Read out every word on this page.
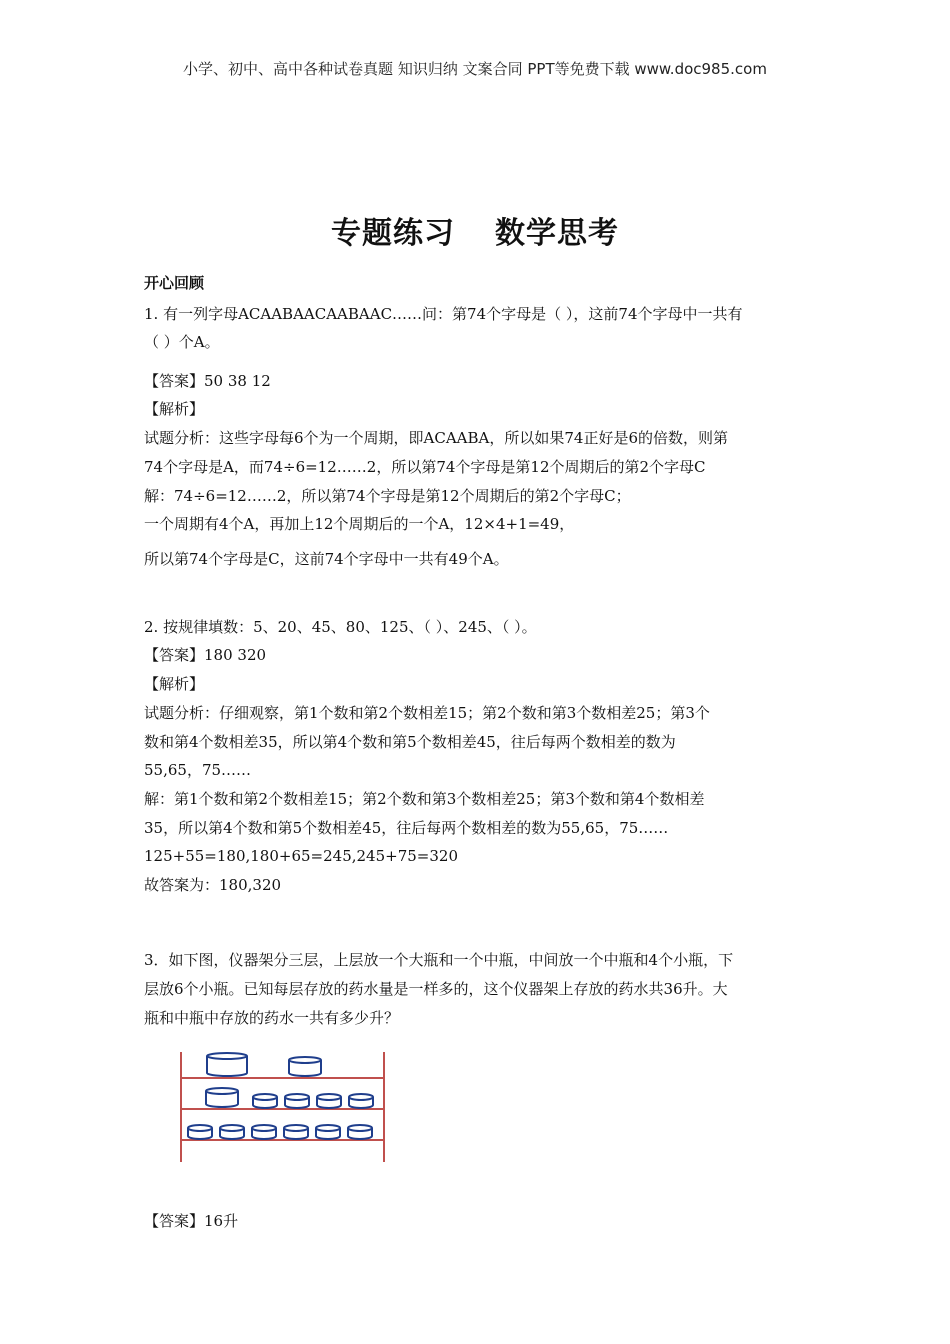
小学、初中、高中各种试卷真题 知识归纳 文案合同 PPT等免费下载 www.doc985.com
专题练习 数学思考
开心回顾
1. 有一列字母ACAABAACAABAAC……问：第74个字母是（ ），这前74个字母中一共有
（ ）个A。
【答案】50 38 12
【解析】
试题分析：这些字母每6个为一个周期，即ACAABA，所以如果74正好是6的倍数，则第
74个字母是A，而74÷6=12……2，所以第74个字母是第12个周期后的第2个字母C
解：74÷6=12……2，所以第74个字母是第12个周期后的第2个字母C；
一个周期有4个A，再加上12个周期后的一个A，12×4+1=49，
所以第74个字母是C，这前74个字母中一共有49个A。
2. 按规律填数：5、20、45、80、125、（ ）、245、（ ）。
【答案】180 320
【解析】
试题分析：仔细观察，第1个数和第2个数相差15；第2个数和第3个数相差25；第3个
数和第4个数相差35，所以第4个数和第5个数相差45，往后每两个数相差的数为
55,65，75……
解：第1个数和第2个数相差15；第2个数和第3个数相差25；第3个数和第4个数相差
35，所以第4个数和第5个数相差45，往后每两个数相差的数为55,65，75……
125+55=180,180+65=245,245+75=320
故答案为：180,320
3．如下图，仪器架分三层，上层放一个大瓶和一个中瓶，中间放一个中瓶和4个小瓶，下
层放6个小瓶。已知每层存放的药水量是一样多的，这个仪器架上存放的药水共36升。大
瓶和中瓶中存放的药水一共有多少升？
【答案】16升
